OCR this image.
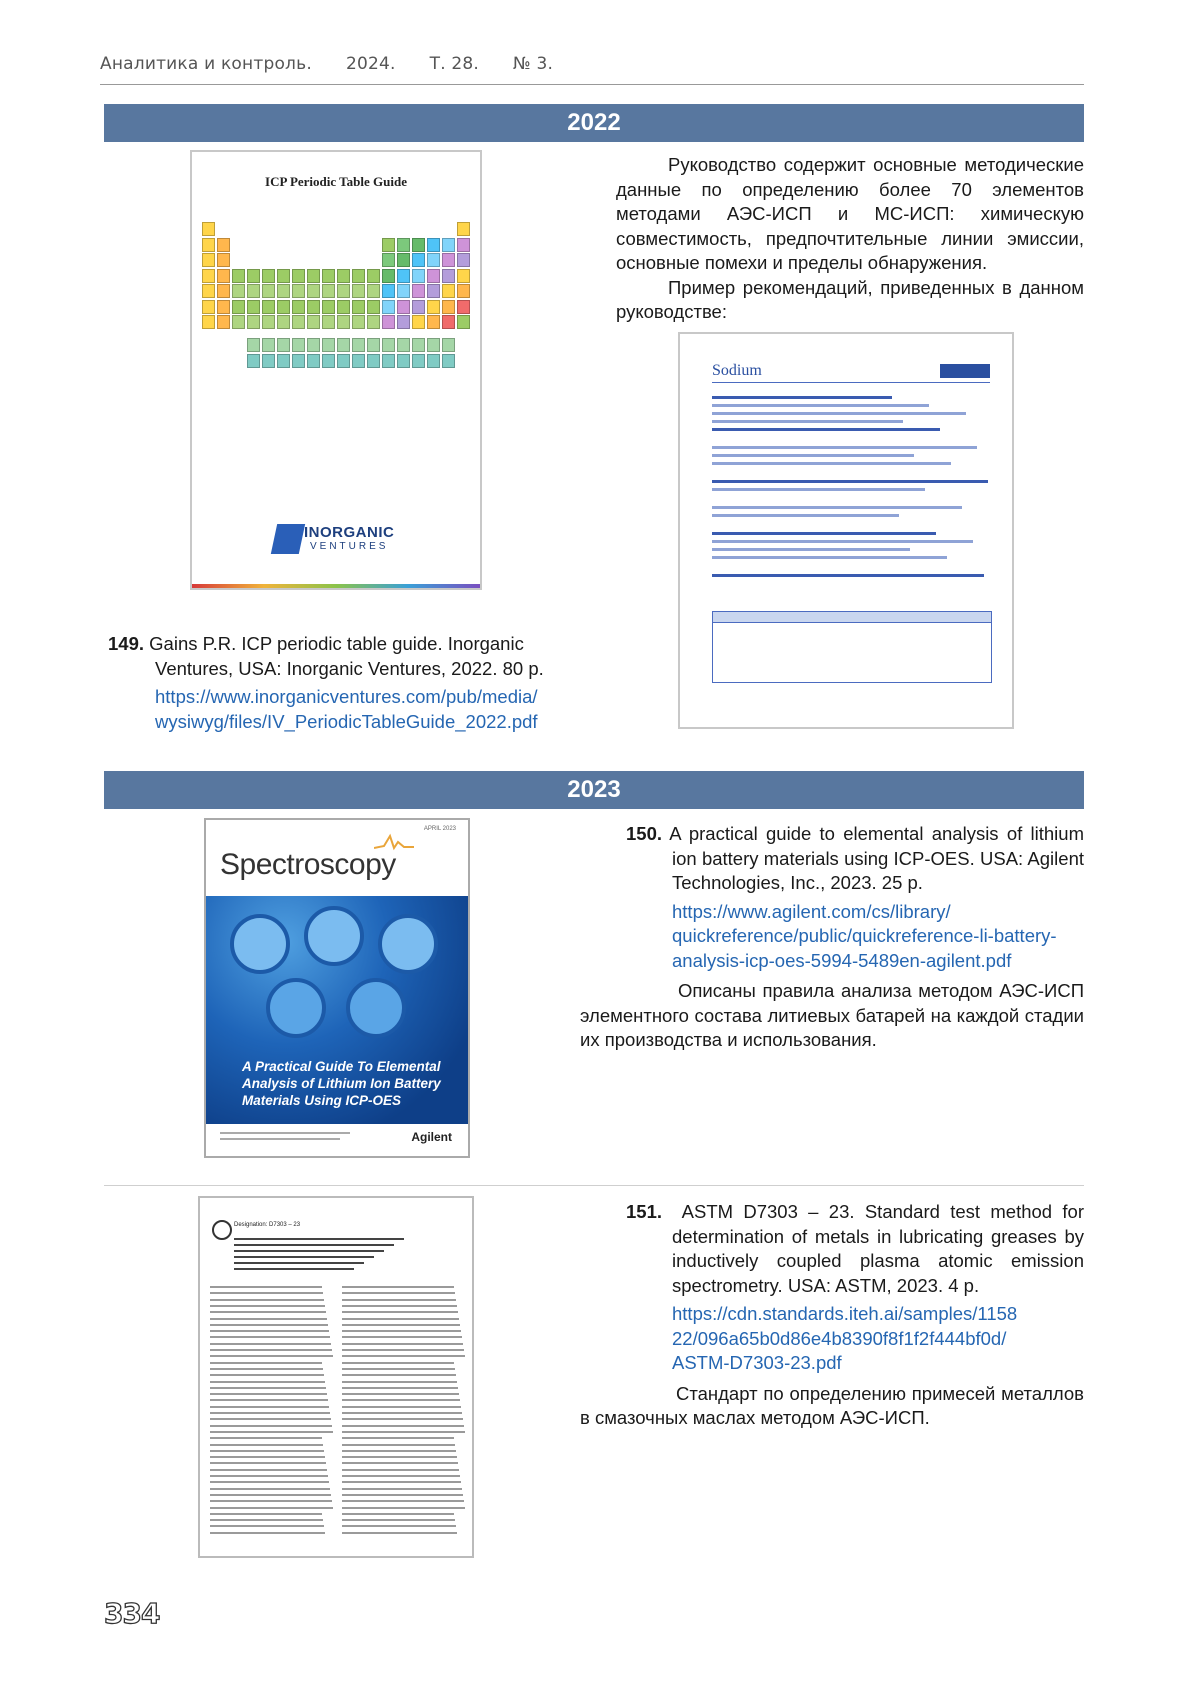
Аналитика и контроль. 2024. Т. 28. № 3.
2022
ICP Periodic Table Guide
INORGANIC
VENTURES

Руководство содержит основные методические данные по определению более 70 элементов методами АЭС-ИСП и МС-ИСП: химическую совместимость, предпочтительные линии эмиссии, основные помехи и пределы обнаружения.

Пример рекомендаций, приведенных в данном руководстве:

Sodium
149. Gains P.R. ICP periodic table guide. Inorganic Ventures, USA: Inorganic Ventures, 2022. 80 p.
https://www.inorganicventures.com/pub/media/
wysiwyg/files/IV_PeriodicTableGuide_2022.pdf
2023
APRIL 2023
Spectroscopy
A Practical Guide To Elemental Analysis of Lithium Ion Battery Materials Using ICP-OES
Agilent
150. A practical guide to elemental analysis of lithium ion battery materials using ICP-OES. USA: Agilent Technologies, Inc., 2023. 25 p.
https://www.agilent.com/cs/library/
quickreference/public/quickreference-li-battery-
analysis-icp-oes-5994-5489en-agilent.pdf

Описаны правила анализа методом АЭС-ИСП элементного состава литиевых батарей на каждой стадии их производства и использования.

Designation: D7303 – 23
151. ASTM D7303 – 23. Standard test method for determination of metals in lubricating greases by inductively coupled plasma atomic emission spectrometry. USA: ASTM, 2023. 4 p.
https://cdn.standards.iteh.ai/samples/1158
22/096a65b0d86e4b8390f8f1f2f444bf0d/
ASTM-D7303-23.pdf

Стандарт по определению примесей металлов в смазочных маслах методом АЭС-ИСП.

334
